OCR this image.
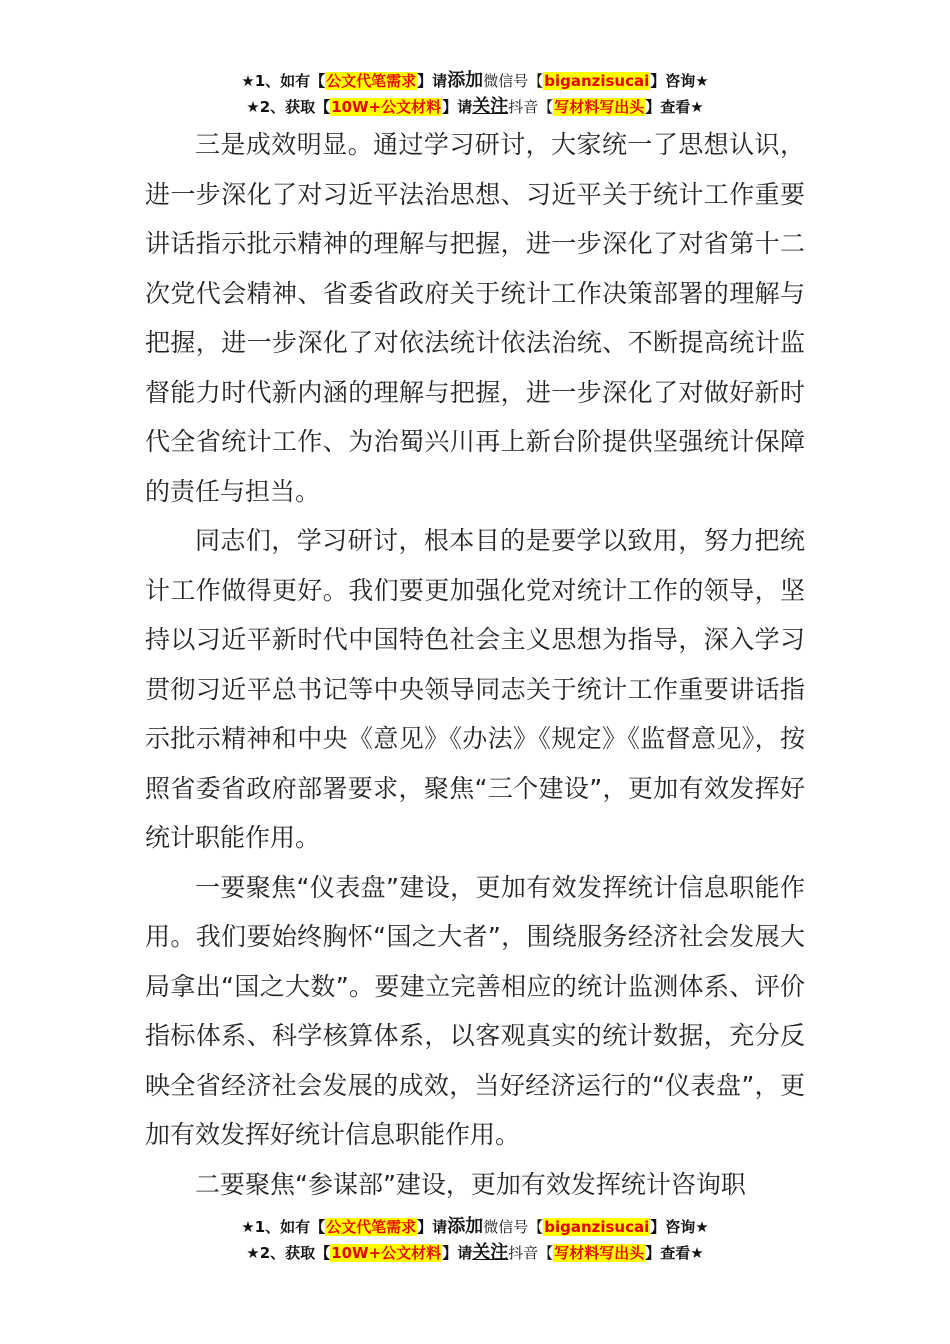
★1、如有【公文代笔需求】请添加微信号【biganzisucai】咨询★
★2、获取【10W+公文材料】请关注抖音【写材料写出头】查看★

三是成效明显。通过学习研讨，大家统一了思想认识，进一步深化了对习近平法治思想、习近平关于统计工作重要讲话指示批示精神的理解与把握，进一步深化了对省第十二次党代会精神、省委省政府关于统计工作决策部署的理解与把握，进一步深化了对依法统计依法治统、不断提高统计监督能力时代新内涵的理解与把握，进一步深化了对做好新时代全省统计工作、为治蜀兴川再上新台阶提供坚强统计保障的责任与担当。

同志们，学习研讨，根本目的是要学以致用，努力把统计工作做得更好。我们要更加强化党对统计工作的领导，坚持以习近平新时代中国特色社会主义思想为指导，深入学习贯彻习近平总书记等中央领导同志关于统计工作重要讲话指示批示精神和中央《意见》《办法》《规定》《监督意见》，按照省委省政府部署要求，聚焦“三个建设”，更加有效发挥好统计职能作用。

一要聚焦“仪表盘”建设，更加有效发挥统计信息职能作用。我们要始终胸怀“国之大者”，围绕服务经济社会发展大局拿出“国之大数”。要建立完善相应的统计监测体系、评价指标体系、科学核算体系，以客观真实的统计数据，充分反映全省经济社会发展的成效，当好经济运行的“仪表盘”，更加有效发挥好统计信息职能作用。

二要聚焦“参谋部”建设，更加有效发挥统计咨询职

★1、如有【公文代笔需求】请添加微信号【biganzisucai】咨询★
★2、获取【10W+公文材料】请关注抖音【写材料写出头】查看★
